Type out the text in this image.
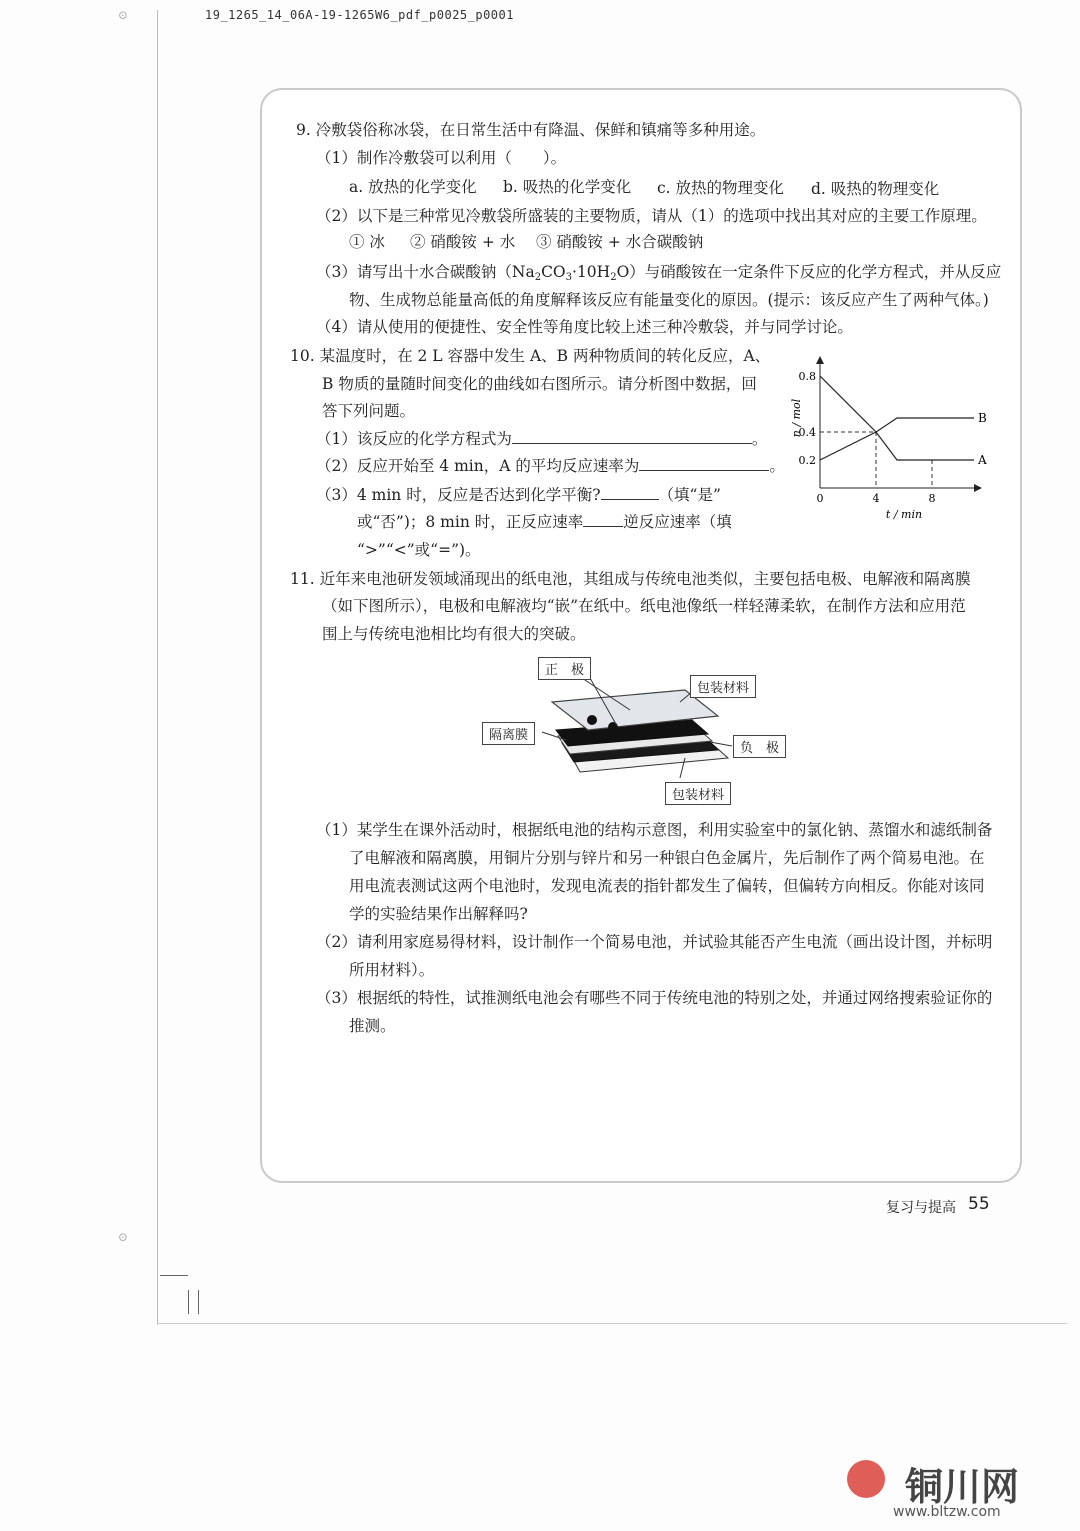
⊙
⊙
19_1265_14_06A-19-1265W6_pdf_p0025_p0001
9. 冷敷袋俗称冰袋，在日常生活中有降温、保鲜和镇痛等多种用途。
（1）制作冷敷袋可以利用（　　）。
a. 放热的化学变化 b. 吸热的化学变化 c. 放热的物理变化 d. 吸热的物理变化
（2）以下是三种常见冷敷袋所盛装的主要物质，请从（1）的选项中找出其对应的主要工作原理。
① 冰 ② 硝酸铵 + 水 ③ 硝酸铵 + 水合碳酸钠
（3）请写出十水合碳酸钠$(Na_2CO_3\cdot 10H_2O)$与硝酸铵在一定条件下反应的化学方程式，并从反应
物、生成物总能量高低的角度解释该反应有能量变化的原因。(提示：该反应产生了两种气体。)
（4）请从使用的便捷性、安全性等角度比较上述三种冷敷袋，并与同学讨论。
10. 某温度时，在 2 L 容器中发生 A、B 两种物质间的转化反应，A、
B 物质的量随时间变化的曲线如右图所示。请分析图中数据，回
答下列问题。
（1）该反应的化学方程式为	。
（2）反应开始至 4 min，A 的平均反应速率为	。
（3）4 min 时，反应是否达到化学平衡?	（填“是”
或“否”)；8 min 时，正反应速率	逆反应速率（填
“>”“<”或“=”)。
A
B
0.2
0.4
0.8
0	4	8
t / min
n / mol
11. 近年来电池研发领域涌现出的纸电池，其组成与传统电池类似，主要包括电极、电解液和隔离膜
（如下图所示），电极和电解液均“嵌”在纸中。纸电池像纸一样轻薄柔软，在制作方法和应用范
围上与传统电池相比均有很大的突破。
正　极
包装材料
隔离膜
负　极
包装材料
（1）某学生在课外活动时，根据纸电池的结构示意图，利用实验室中的氯化钠、蒸馏水和滤纸制备
了电解液和隔离膜，用铜片分别与锌片和另一种银白色金属片，先后制作了两个简易电池。在
用电流表测试这两个电池时，发现电流表的指针都发生了偏转，但偏转方向相反。你能对该同
学的实验结果作出解释吗?
（2）请利用家庭易得材料，设计制作一个简易电池，并试验其能否产生电流（画出设计图，并标明
所用材料）。
（3）根据纸的特性，试推测纸电池会有哪些不同于传统电池的特别之处，并通过网络搜索验证你的
推测。
复习与提高 55
铜川网
www.bltzw.com
